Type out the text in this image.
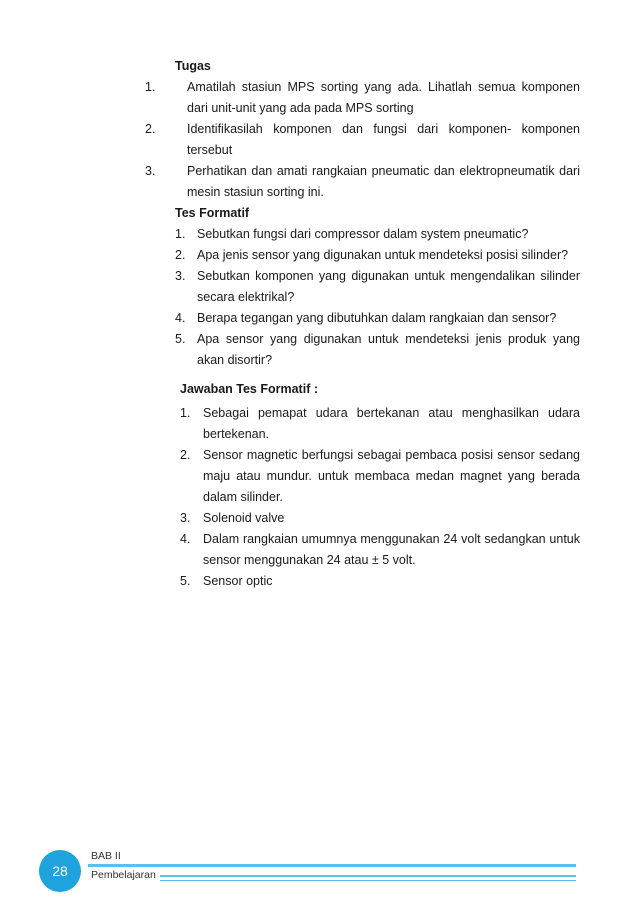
Tugas

1.	Amatilah stasiun MPS sorting yang ada. Lihatlah semua komponen dari unit-unit yang ada pada MPS sorting
2.	Identifikasilah komponen dan fungsi dari komponen- komponen tersebut
3.	Perhatikan dan amati rangkaian pneumatic dan elektropneumatik dari mesin stasiun sorting ini.

Tes Formatif

1. Sebutkan fungsi dari compressor dalam system pneumatic?
2. Apa jenis sensor yang digunakan untuk mendeteksi posisi silinder?
3. Sebutkan komponen yang digunakan untuk mengendalikan silinder secara elektrikal?
4. Berapa tegangan yang dibutuhkan dalam rangkaian dan sensor?
5. Apa sensor yang digunakan untuk mendeteksi jenis produk yang akan disortir?

Jawaban Tes Formatif :

1. Sebagai pemapat udara bertekanan atau menghasilkan udara bertekenan.
2. Sensor magnetic berfungsi sebagai pembaca posisi sensor sedang maju atau mundur. untuk membaca medan magnet yang berada dalam silinder.
3. Solenoid valve
4. Dalam rangkaian umumnya menggunakan 24 volt sedangkan untuk sensor menggunakan 24 atau ± 5 volt.
5. Sensor optic
28
BAB II
Pembelajaran
